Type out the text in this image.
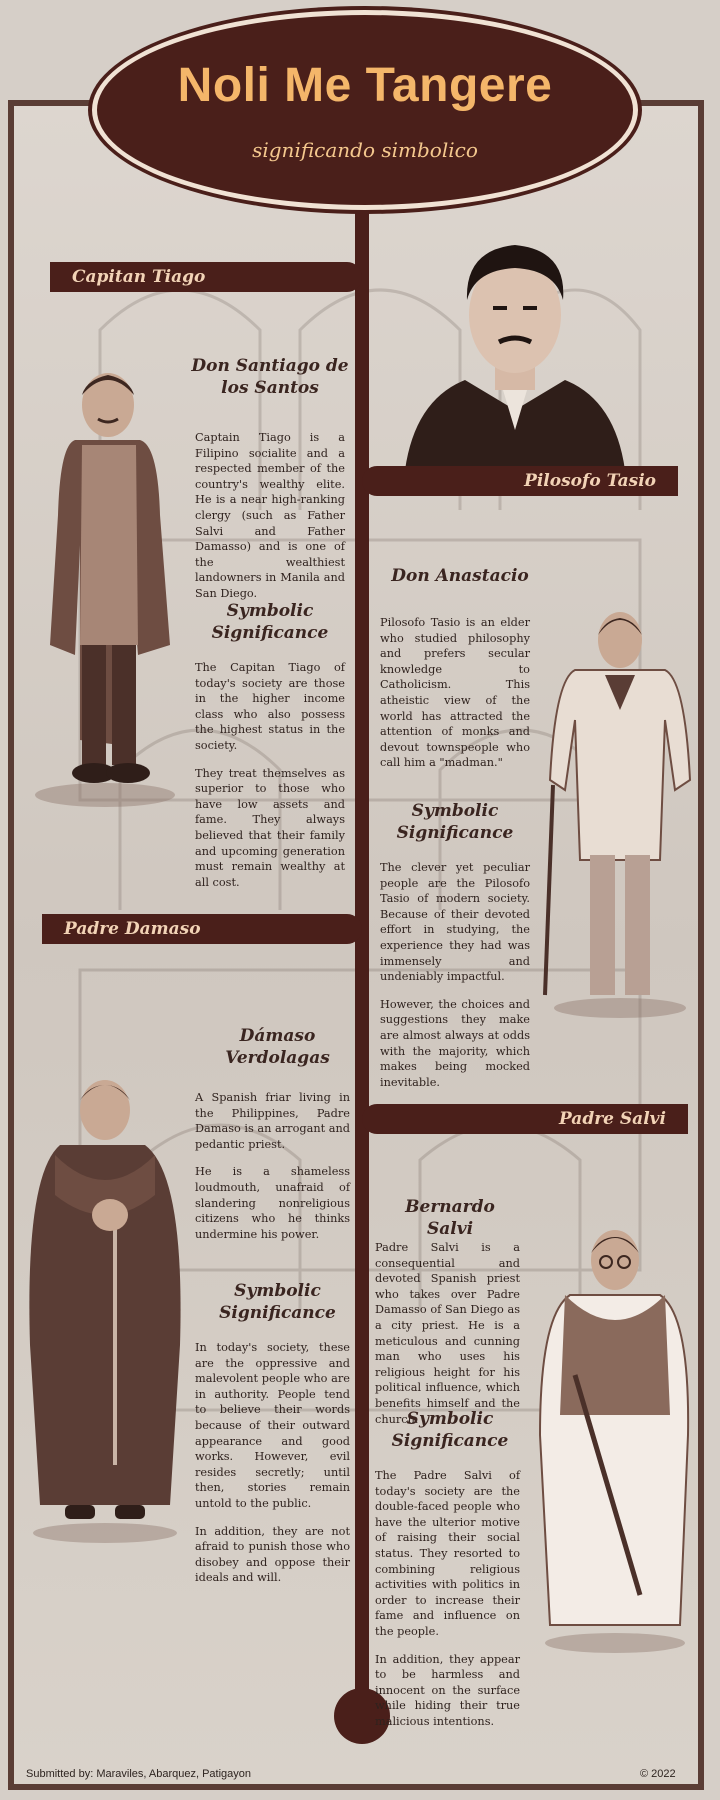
Noli Me Tangere
significando simbolico
Capitan Tiago
Don Santiago de los Santos

Captain Tiago is a Filipino socialite and a respected member of the country's wealthy elite. He is a near high-ranking clergy (such as Father Salvi and Father Damasso) and is one of the wealthiest landowners in Manila and San Diego.

Symbolic Significance

The Capitan Tiago of today's society are those in the higher income class who also possess the highest status in the society.

They treat themselves as superior to those who have low assets and fame. They always believed that their family and upcoming generation must remain wealthy at all cost.

Pilosofo Tasio
Don Anastacio

Pilosofo Tasio is an elder who studied philosophy and prefers secular knowledge to Catholicism. This atheistic view of the world has attracted the attention of monks and devout townspeople who call him a "madman."

Symbolic Significance

The clever yet peculiar people are the Pilosofo Tasio of modern society. Because of their devoted effort in studying, the experience they had was immensely and undeniably impactful.

However, the choices and suggestions they make are almost always at odds with the majority, which makes being mocked inevitable.

Padre Damaso
Dámaso Verdolagas

A Spanish friar living in the Philippines, Padre Damaso is an arrogant and pedantic priest.

He is a shameless loudmouth, unafraid of slandering nonreligious citizens who he thinks undermine his power.

Symbolic Significance

In today's society, these are the oppressive and malevolent people who are in authority. People tend to believe their words because of their outward appearance and good works. However, evil resides secretly; until then, stories remain untold to the public.

In addition, they are not afraid to punish those who disobey and oppose their ideals and will.

Padre Salvi
Bernardo Salvi

Padre Salvi is a consequential and devoted Spanish priest who takes over Padre Damasso of San Diego as a city priest. He is a meticulous and cunning man who uses his religious height for his political influence, which benefits himself and the church.

Symbolic Significance

The Padre Salvi of today's society are the double-faced people who have the ulterior motive of raising their social status. They resorted to combining religious activities with politics in order to increase their fame and influence on the people.

In addition, they appear to be harmless and innocent on the surface while hiding their true malicious intentions.

Submitted by: Maraviles, Abarquez, Patigayon	© 2022
